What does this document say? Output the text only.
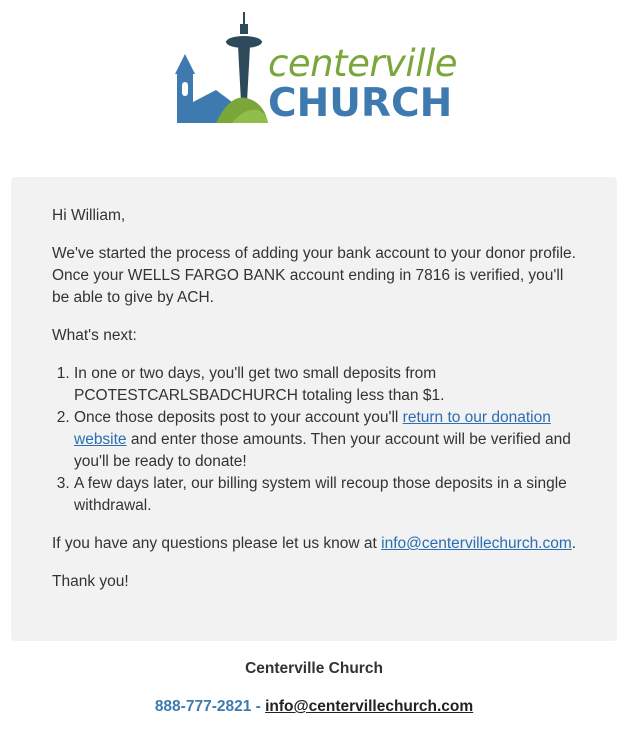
centerville
CHURCH

Hi William,

We've started the process of adding your bank account to your donor profile. Once your WELLS FARGO BANK account ending in 7816 is verified, you'll be able to give by ACH.

What's next:

1. In one or two days, you'll get two small deposits from PCOTESTCARLSBADCHURCH totaling less than $1.
2. Once those deposits post to your account you'll return to our donation website and enter those amounts. Then your account will be verified and you'll be ready to donate!
3. A few days later, our billing system will recoup those deposits in a single withdrawal.

If you have any questions please let us know at info@centervillechurch.com.

Thank you!

Centerville Church
888-777-2821 - info@centervillechurch.com
